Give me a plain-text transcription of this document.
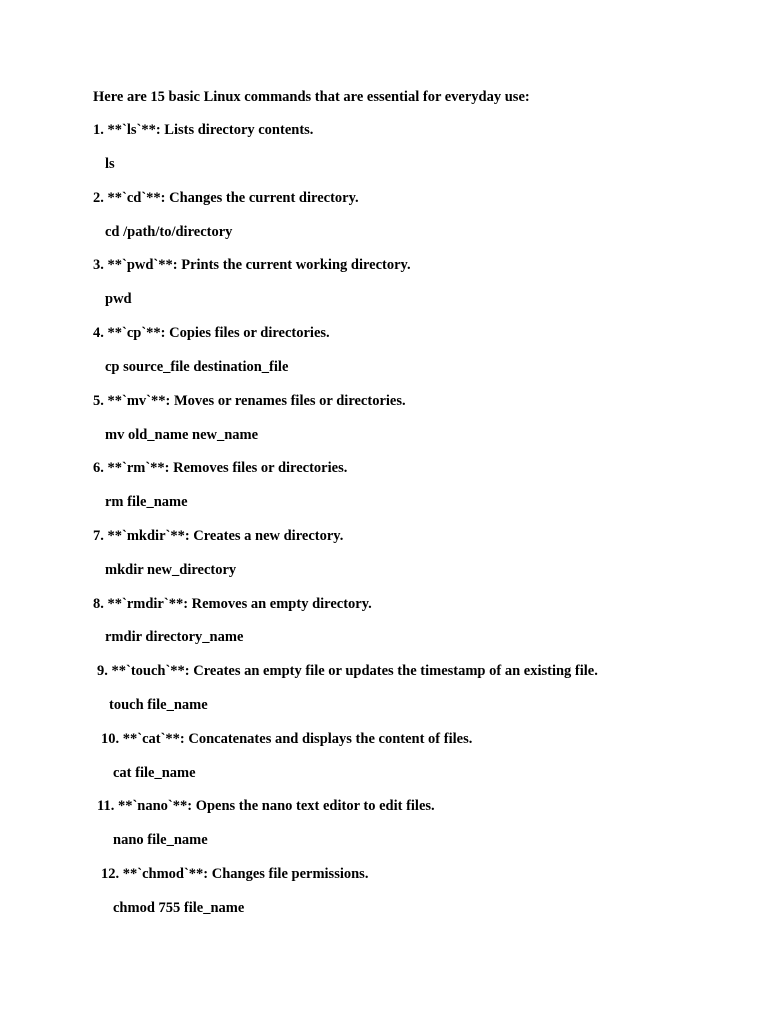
Here are 15 basic Linux commands that are essential for everyday use:
1. **`ls`**: Lists directory contents.
ls
2. **`cd`**: Changes the current directory.
cd /path/to/directory
3. **`pwd`**: Prints the current working directory.
pwd
4. **`cp`**: Copies files or directories.
cp source_file destination_file
5. **`mv`**: Moves or renames files or directories.
mv old_name new_name
6. **`rm`**: Removes files or directories.
rm file_name
7. **`mkdir`**: Creates a new directory.
mkdir new_directory
8. **`rmdir`**: Removes an empty directory.
rmdir directory_name
9. **`touch`**: Creates an empty file or updates the timestamp of an existing file.
touch file_name
10. **`cat`**: Concatenates and displays the content of files.
cat file_name
11. **`nano`**: Opens the nano text editor to edit files.
nano file_name
12. **`chmod`**: Changes file permissions.
chmod 755 file_name
